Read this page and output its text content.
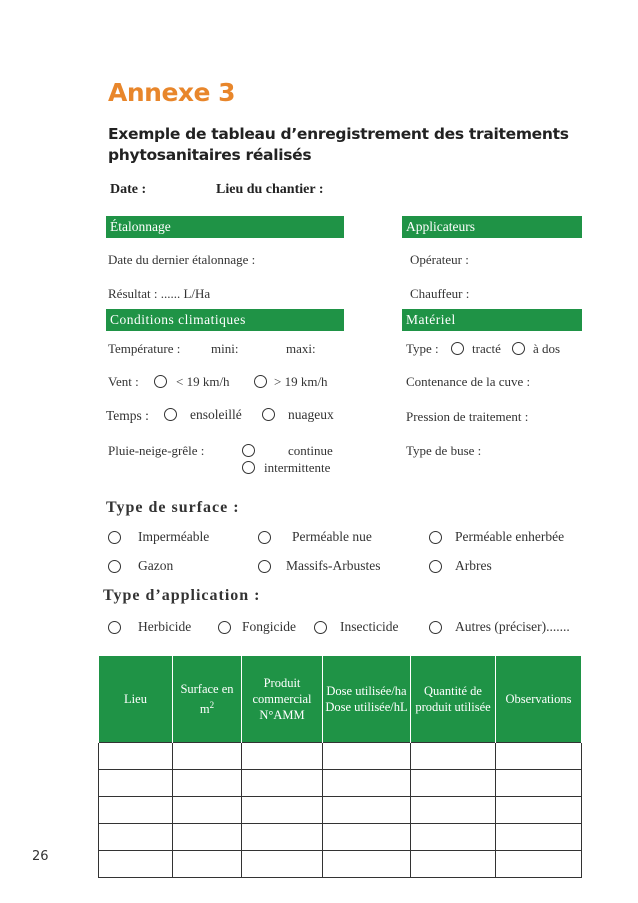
Annexe 3
Exemple de tableau d’enregistrement des traitements phytosanitaires réalisés
Date :	Lieu du chantier :
Étalonnage
Date du dernier étalonnage :
Résultat : ...... L/Ha
Applicateurs
Opérateur :
Chauffeur :
Conditions climatiques
Température : mini:	maxi:
Vent :	< 19 km/h	> 19 km/h
Temps :	ensoleillé	nuageux
Pluie-neige-grêle :	continue
intermittente
Matériel
Type :	tracté à dos
Contenance de la cuve :
Pression de traitement :
Type de buse :
Type de surface :
Imperméable	Perméable nue	Perméable enherbée
Gazon	Massifs-Arbustes	Arbres
Type d’application :
Herbicide	Fongicide	Insecticide	Autres (préciser).......
Lieu	Surface en $m^2$	Produit commercial N°AMM	Dose utilisée/ha Dose utilisée/hL	Quantité de produit utilisée	Observations

26
